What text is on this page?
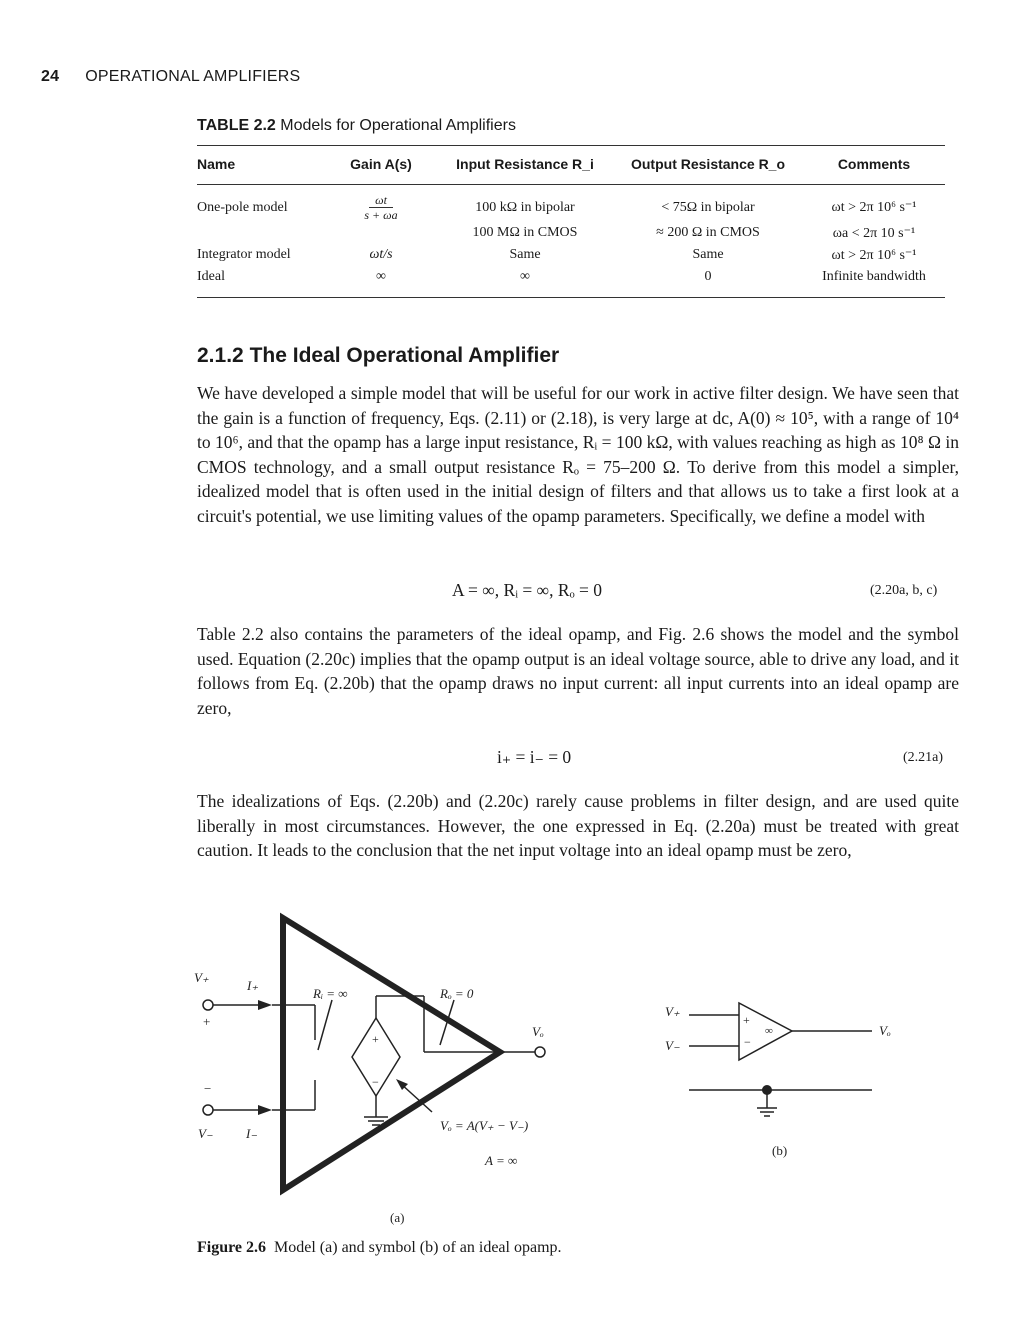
24 OPERATIONAL AMPLIFIERS
TABLE 2.2 Models for Operational Amplifiers
Name	Gain A(s)	Input Resistance R_i	Output Resistance R_o	Comments
One-pole model	$\frac{\omega t}{s + \omega a}$	100 kΩ in bipolar	< 75Ω in bipolar	ωt > 2π 10⁶ s⁻¹
		100 MΩ in CMOS	≈ 200 Ω in CMOS	ωa < 2π 10 s⁻¹
Integrator model	ωt/s	Same	Same	ωt > 2π 10⁶ s⁻¹
Ideal	∞	∞	0	Infinite bandwidth
2.1.2 The Ideal Operational Amplifier
We have developed a simple model that will be useful for our work in active filter design. We have seen that the gain is a function of frequency, Eqs. (2.11) or (2.18), is very large at dc, A(0) ≈ 10⁵, with a range of 10⁴ to 10⁶, and that the opamp has a large input resistance, Rᵢ = 100 kΩ, with values reaching as high as 10⁸ Ω in CMOS technology, and a small output resistance Rₒ = 75–200 Ω. To derive from this model a simpler, idealized model that is often used in the initial design of filters and that allows us to take a first look at a circuit's potential, we use limiting values of the opamp parameters. Specifically, we define a model with
A = ∞, Rᵢ = ∞, Rₒ = 0	(2.20a, b, c)
Table 2.2 also contains the parameters of the ideal opamp, and Fig. 2.6 shows the model and the symbol used. Equation (2.20c) implies that the opamp output is an ideal voltage source, able to drive any load, and it follows from Eq. (2.20b) that the opamp draws no input current: all input currents into an ideal opamp are zero,
i₊ = i₋ = 0	(2.21a)
The idealizations of Eqs. (2.20b) and (2.20c) rarely cause problems in filter design, and are used quite liberally in most circumstances. However, the one expressed in Eq. (2.20a) must be treated with great caution. It leads to the conclusion that the net input voltage into an ideal opamp must be zero,
V₊
I₊
+
−
V₋	I₋
Rᵢ = ∞	Rₒ = 0
Vₒ
+
−
Vₒ = A(V₊ − V₋)
A = ∞
(a)
V₊
V₋
+
−
∞	Vₒ
(b)
Figure 2.6 Model (a) and symbol (b) of an ideal opamp.
